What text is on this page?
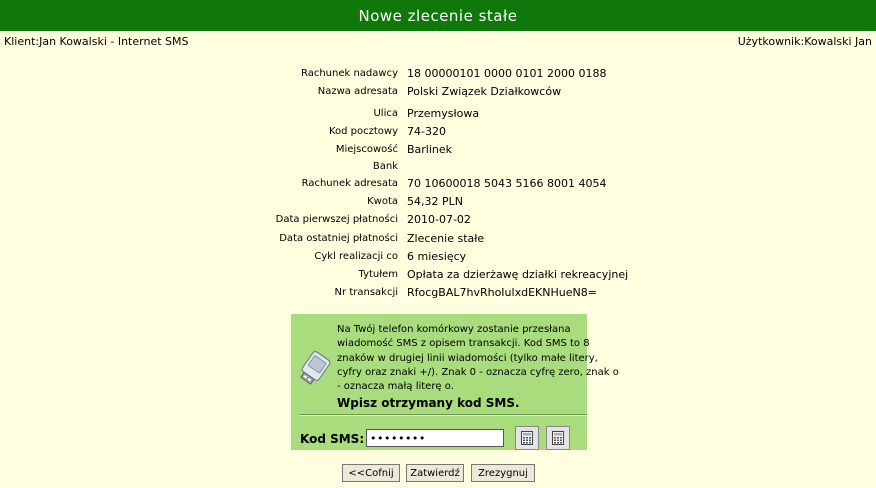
Nowe zlecenie stałe
Klient:Jan Kowalski - Internet SMS	Użytkownik:Kowalski Jan
Rachunek nadawcy 18 00000101 0000 0101 2000 0188
Nazwa adresata Polski Związek Działkowców
Ulica Przemysłowa
Kod pocztowy 74-320
Miejscowość Barlinek
Bank
Rachunek adresata 70 10600018 5043 5166 8001 4054
Kwota 54,32 PLN
Data pierwszej płatności 2010-07-02
Data ostatniej płatności Zlecenie stałe
Cykl realizacji co 6 miesięcy
Tytułem Opłata za dzierżawę działki rekreacyjnej
Nr transakcji RfocgBAL7hvRhoIulxdEKNHueN8=
Na Twój telefon komórkowy zostanie przesłana
wiadomość SMS z opisem transakcji. Kod SMS to 8
znaków w drugiej linii wiadomości (tylko małe litery,
cyfry oraz znaki +/). Znak 0 - oznacza cyfrę zero, znak o
- oznacza małą literę o.
Wpisz otrzymany kod SMS.
Kod SMS:
••••••••
<<Cofnij	Zatwierdź	Zrezygnuj
